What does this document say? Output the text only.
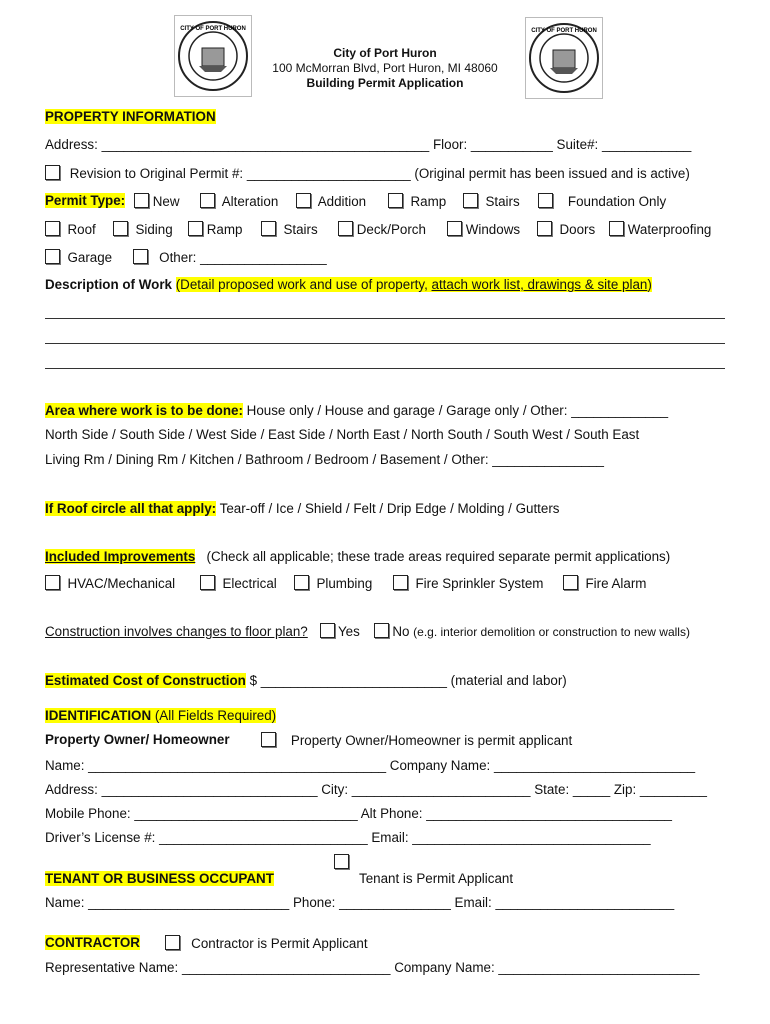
CITY OF PORT HURON	CITY OF PORT HURON
City of Port Huron
100 McMorran Blvd, Port Huron, MI 48060
Building Permit Application
PROPERTY INFORMATION
Address: ____________________________________________ Floor: ___________ Suite#: ____________
Revision to Original Permit #: ______________________ (Original permit has been issued and is active)
Permit Type:	New	Alteration	Addition	Ramp	Stairs	Foundation Only
Roof	Siding	Ramp	Stairs	Deck/Porch	Windows	Doors	Waterproofing
Garage	Other: _________________
Description of Work (Detail proposed work and use of property, attach work list, drawings & site plan)
Area where work is to be done: House only / House and garage / Garage only / Other: _____________
North Side / South Side / West Side / East Side / North East / North South / South West / South East
Living Rm / Dining Rm / Kitchen / Bathroom / Bedroom / Basement / Other: _______________
If Roof circle all that apply: Tear-off / Ice / Shield / Felt / Drip Edge / Molding / Gutters
Included Improvements (Check all applicable; these trade areas required separate permit applications)
HVAC/Mechanical	Electrical	Plumbing	Fire Sprinkler System	Fire Alarm
Construction involves changes to floor plan? Yes No (e.g. interior demolition or construction to new walls)
Estimated Cost of Construction $ _________________________ (material and labor)
IDENTIFICATION (All Fields Required)
Property Owner/ Homeowner	Property Owner/Homeowner is permit applicant
Name: ________________________________________ Company Name: ___________________________
Address: _____________________________ City: ________________________ State: _____ Zip: _________
Mobile Phone: ______________________________ Alt Phone: _________________________________
Driver’s License #: ____________________________ Email: ________________________________
TENANT OR BUSINESS OCCUPANT	Tenant is Permit Applicant
Name: ___________________________ Phone: _______________ Email: ________________________
CONTRACTOR	Contractor is Permit Applicant
Representative Name: ____________________________ Company Name: ___________________________
